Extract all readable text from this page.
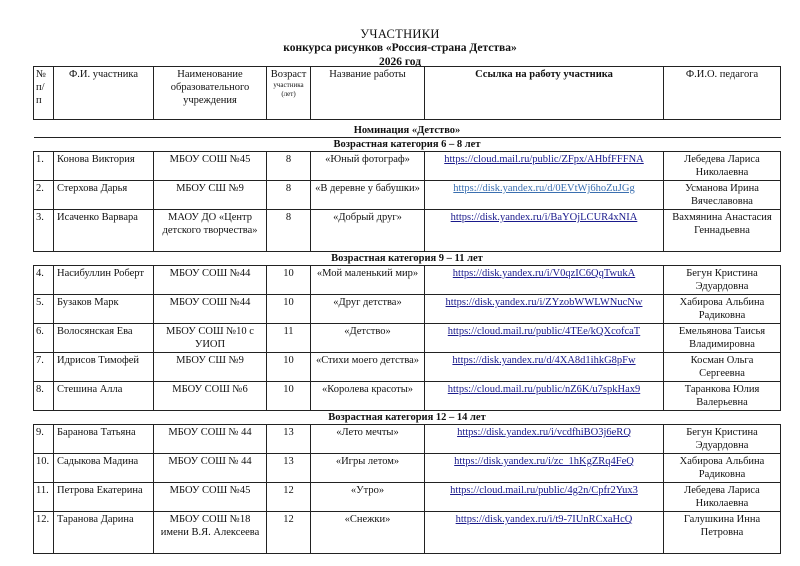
УЧАСТНИКИ
конкурса рисунков «Россия-страна Детства»
2026 год
№ п/ п	Ф.И. участника	Наименование образовательного учреждения	Возраст
участника (лет)	Название работы	Ссылка на работу участника	Ф.И.О. педагога
Номинация «Детство»						
Возрастная категория 6 – 8 лет						
1.	Конова Виктория	МБОУ СОШ №45	8	«Юный фотограф»	https://cloud.mail.ru/public/ZFpx/AHbfFFFNA	Лебедева Лариса Николаевна
2.	Стерхова Дарья	МБОУ СШ №9	8	«В деревне у бабушки»	https://disk.yandex.ru/d/0EVtWj6hoZuJGg	Усманова Ирина Вячеславовна
3.	Исаченко Варвара	МАОУ ДО «Центр детского творчества»	8	«Добрый друг»	https://disk.yandex.ru/i/BaYOjLCUR4xNIA	Вахмянина Анастасия Геннадьевна
Возрастная категория 9 – 11 лет						
4.	Насибуллин Роберт	МБОУ СОШ №44	10	«Мой маленький мир»	https://disk.yandex.ru/i/V0qzIC6QqTwukA	Бегун Кристина Эдуардовна
5.	Бузаков Марк	МБОУ СОШ №44	10	«Друг детства»	https://disk.yandex.ru/i/ZYzobWWLWNucNw	Хабирова Альбина Радиковна
6.	Волосянская Ева	МБОУ СОШ №10 с УИОП	11	«Детство»	https://cloud.mail.ru/public/4TEe/kQXcofcaT	Емельянова Таисья Владимировна
7.	Идрисов Тимофей	МБОУ СШ №9	10	«Стихи моего детства»	https://disk.yandex.ru/d/4XA8d1ihkG8pFw	Косман Ольга Сергеевна
8.	Стешина Алла	МБОУ СОШ №6	10	«Королева красоты»	https://cloud.mail.ru/public/nZ6K/u7spkHax9	Таранкова Юлия Валерьевна
Возрастная категория 12 – 14 лет						
9.	Баранова Татьяна	МБОУ СОШ № 44	13	«Лето мечты»	https://disk.yandex.ru/i/vcdfhiBO3j6eRQ	Бегун Кристина Эдуардовна
10.	Садыкова Мадина	МБОУ СОШ № 44	13	«Игры летом»	https://disk.yandex.ru/i/zc_1hKgZRq4FeQ	Хабирова Альбина Радиковна
11.	Петрова Екатерина	МБОУ СОШ №45	12	«Утро»	https://cloud.mail.ru/public/4g2n/Cpfr2Yux3	Лебедева Лариса Николаевна
12.	Таранова Дарина	МБОУ СОШ №18 имени В.Я. Алексеева	12	«Снежки»	https://disk.yandex.ru/i/t9-7IUnRCxaHcQ	Галушкина Инна Петровна
